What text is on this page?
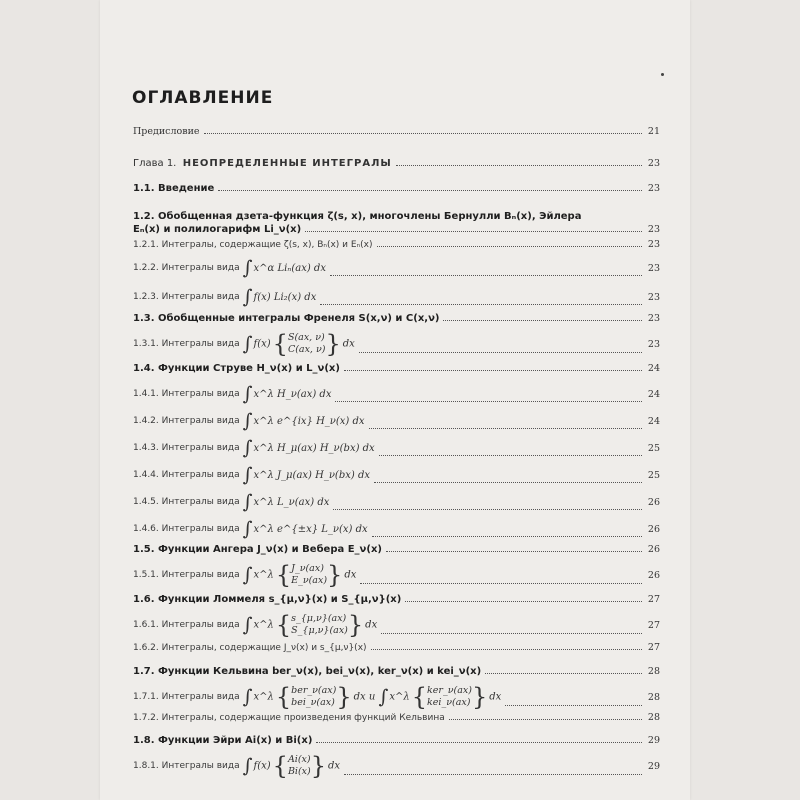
ОГЛАВЛЕНИЕ
Предисловие	21
Глава 1. НЕОПРЕДЕЛЕННЫЕ ИНТЕГРАЛЫ	23
1.1. Введение	23
1.2. Обобщенная дзета-функция ζ(s, x), многочлены Бернулли Bₙ(x), Эйлера
Eₙ(x) и полилогарифм Li_ν(x)	23
1.2.1. Интегралы, содержащие ζ(s, x), Bₙ(x) и Eₙ(x)	23
1.2.2. Интегралы вида ∫x^α Liₙ(ax) dx	23
1.2.3. Интегралы вида ∫f(x) Li₂(x) dx	23
1.3. Обобщенные интегралы Френеля S(x,ν) и C(x,ν)	23
1.3.1. Интегралы вида ∫f(x) { S(ax, ν)
C(ax, ν) } dx	23
1.4. Функции Струве H_ν(x) и L_ν(x)	24
1.4.1. Интегралы вида ∫x^λ H_ν(ax) dx	24
1.4.2. Интегралы вида ∫x^λ e^{ix} H_ν(x) dx	24
1.4.3. Интегралы вида ∫x^λ H_μ(ax) H_ν(bx) dx	25
1.4.4. Интегралы вида ∫x^λ J_μ(ax) H_ν(bx) dx	25
1.4.5. Интегралы вида ∫x^λ L_ν(ax) dx	26
1.4.6. Интегралы вида ∫x^λ e^{±x} L_ν(x) dx	26
1.5. Функции Ангера J_ν(x) и Вебера E_ν(x)	26
1.5.1. Интегралы вида ∫x^λ { J_ν(ax)
E_ν(ax) } dx	26
1.6. Функции Ломмеля s_{μ,ν}(x) и S_{μ,ν}(x)	27
1.6.1. Интегралы вида ∫x^λ { s_{μ,ν}(ax)
S_{μ,ν}(ax) } dx	27
1.6.2. Интегралы, содержащие J_ν(x) и s_{μ,ν}(x)	27
1.7. Функции Кельвина ber_ν(x), bei_ν(x), ker_ν(x) и kei_ν(x)	28
1.7.1. Интегралы вида ∫x^λ { ber_ν(ax)
bei_ν(ax) } dx и ∫x^λ { ker_ν(ax)
kei_ν(ax) } dx	28
1.7.2. Интегралы, содержащие произведения функций Кельвина	28
1.8. Функции Эйри Ai(x) и Bi(x)	29
1.8.1. Интегралы вида ∫f(x) { Ai(x)
Bi(x) } dx	29
